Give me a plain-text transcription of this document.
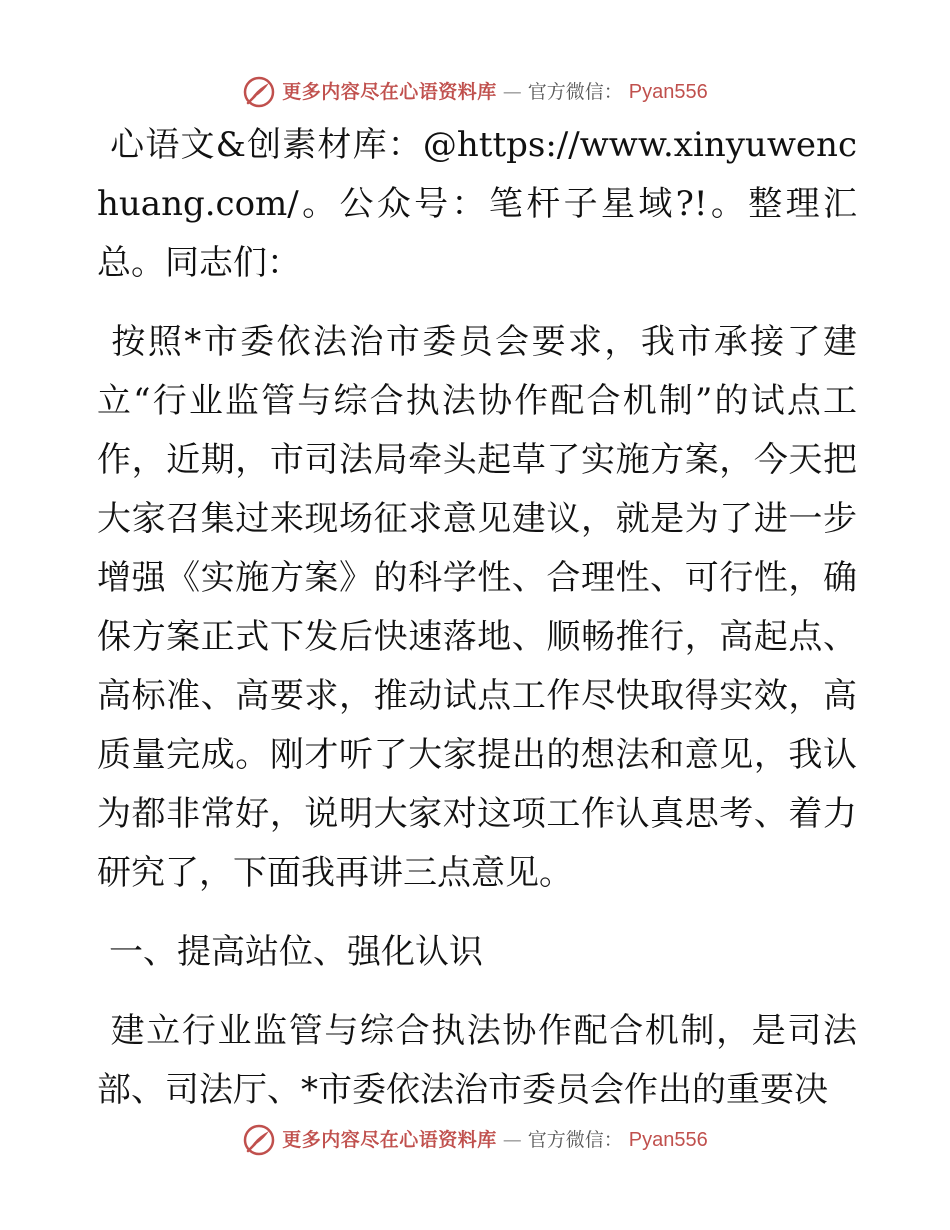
更多内容尽在心语资料库 — 官方微信： Pyan556

心语文&创素材库：@https://www.xinyuwenchuang.com/。公众号：笔杆子星域?!。整理汇总。同志们：

按照*市委依法治市委员会要求，我市承接了建立“行业监管与综合执法协作配合机制”的试点工作，近期，市司法局牵头起草了实施方案，今天把大家召集过来现场征求意见建议，就是为了进一步增强《实施方案》的科学性、合理性、可行性，确保方案正式下发后快速落地、顺畅推行，高起点、高标准、高要求，推动试点工作尽快取得实效，高质量完成。刚才听了大家提出的想法和意见，我认为都非常好，说明大家对这项工作认真思考、着力研究了，下面我再讲三点意见。

一、提高站位、强化认识

建立行业监管与综合执法协作配合机制，是司法部、司法厅、*市委依法治市委员会作出的重要决

更多内容尽在心语资料库 — 官方微信： Pyan556
